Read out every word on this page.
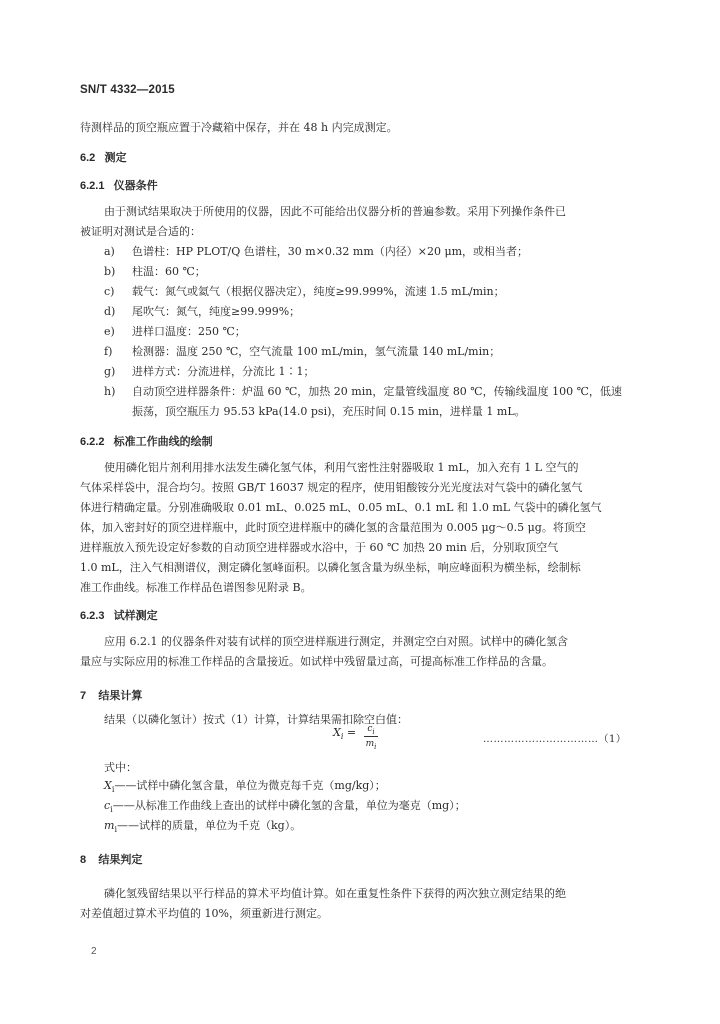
SN/T 4332—2015
待测样品的顶空瓶应置于冷藏箱中保存，并在 48 h 内完成测定。
6.2 测定
6.2.1 仪器条件
由于测试结果取决于所使用的仪器，因此不可能给出仪器分析的普遍参数。采用下列操作条件已
被证明对测试是合适的：
a) 色谱柱：HP PLOT/Q 色谱柱，30 m×0.32 mm（内径）×20 μm，或相当者；
b) 柱温：60 ℃；
c) 载气：氮气或氦气（根据仪器决定），纯度≥99.999%，流速 1.5 mL/min；
d) 尾吹气：氮气，纯度≥99.999%；
e) 进样口温度：250 ℃；
f) 检测器：温度 250 ℃，空气流量 100 mL/min，氢气流量 140 mL/min；
g) 进样方式：分流进样，分流比 1∶1；
h) 自动顶空进样器条件：炉温 60 ℃，加热 20 min，定量管线温度 80 ℃，传输线温度 100 ℃，低速
振荡，顶空瓶压力 95.53 kPa(14.0 psi)，充压时间 0.15 min，进样量 1 mL。
6.2.2 标准工作曲线的绘制
使用磷化铝片剂利用排水法发生磷化氢气体，利用气密性注射器吸取 1 mL，加入充有 1 L 空气的
气体采样袋中，混合均匀。按照 GB/T 16037 规定的程序，使用钼酸铵分光光度法对气袋中的磷化氢气
体进行精确定量。分别准确吸取 0.01 mL、0.025 mL、0.05 mL、0.1 mL 和 1.0 mL 气袋中的磷化氢气
体，加入密封好的顶空进样瓶中，此时顶空进样瓶中的磷化氢的含量范围为 0.005 μg～0.5 μg。将顶空
进样瓶放入预先设定好参数的自动顶空进样器或水浴中，于 60 ℃ 加热 20 min 后，分别取顶空气
1.0 mL，注入气相测谱仪，测定磷化氢峰面积。以磷化氢含量为纵坐标，响应峰面积为横坐标，绘制标
准工作曲线。标准工作样品色谱图参见附录 B。
6.2.3 试样测定
应用 6.2.1 的仪器条件对装有试样的顶空进样瓶进行测定，并测定空白对照。试样中的磷化氢含
量应与实际应用的标准工作样品的含量接近。如试样中残留量过高，可提高标准工作样品的含量。
7 结果计算
结果（以磷化氢计）按式（1）计算，计算结果需扣除空白值：
$X_i$ =	$c_i$
$m_i$
……………………………（1）
式中：
$X_i——$试样中磷化氢含量，单位为微克每千克（mg/kg）；
$c_i——$从标准工作曲线上查出的试样中磷化氢的含量，单位为毫克（mg）；
$m_i——$试样的质量，单位为千克（kg）。
8 结果判定
磷化氢残留结果以平行样品的算术平均值计算。如在重复性条件下获得的两次独立测定结果的绝
对差值超过算术平均值的 10%，须重新进行测定。
2
